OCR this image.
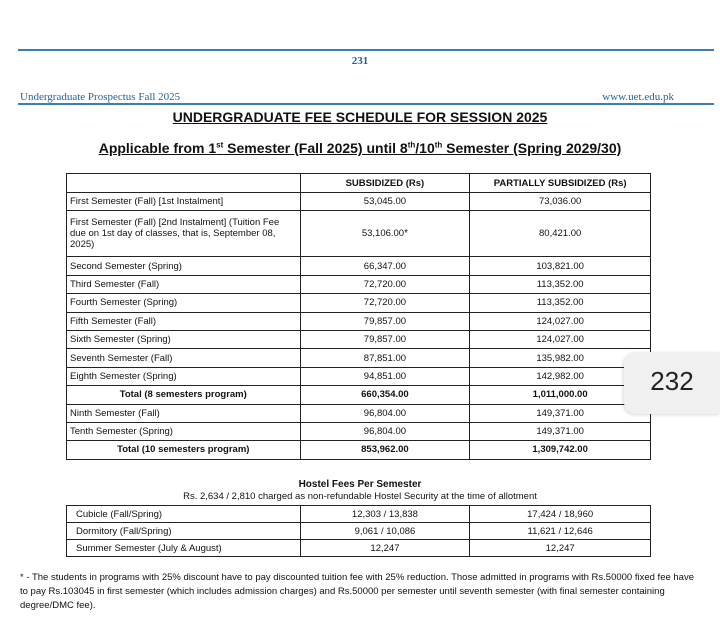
231
Undergraduate Prospectus Fall 2025	www.uet.edu.pk
UNDERGRADUATE FEE SCHEDULE FOR SESSION 2025
Applicable from 1st Semester (Fall 2025) until 8th/10th Semester (Spring 2029/30)
	SUBSIDIZED (Rs)	PARTIALLY SUBSIDIZED (Rs)
First Semester (Fall) [1st Instalment]	53,045.00	73,036.00
First Semester (Fall) [2nd Instalment] (Tuition Fee due on 1st day of classes, that is, September 08, 2025)	53,106.00*	80,421.00
Second Semester (Spring)	66,347.00	103,821.00
Third Semester (Fall)	72,720.00	113,352.00
Fourth Semester (Spring)	72,720.00	113,352.00
Fifth Semester (Fall)	79,857.00	124,027.00
Sixth Semester (Spring)	79,857.00	124,027.00
Seventh Semester (Fall)	87,851.00	135,982.00
Eighth Semester (Spring)	94,851.00	142,982.00
Total (8 semesters program)	660,354.00	1,011,000.00
Ninth Semester (Fall)	96,804.00	149,371.00
Tenth Semester (Spring)	96,804.00	149,371.00
Total (10 semesters program)	853,962.00	1,309,742.00
232
Hostel Fees Per Semester
Rs. 2,634 / 2,810 charged as non-refundable Hostel Security at the time of allotment
Cubicle (Fall/Spring)	12,303 / 13,838	17,424 / 18,960
Dormitory (Fall/Spring)	9,061 / 10,086	11,621 / 12,646
Summer Semester (July & August)	12,247	12,247
* - The students in programs with 25% discount have to pay discounted tuition fee with 25% reduction. Those admitted in programs with Rs.50000 fixed fee have to pay Rs.103045 in first semester (which includes admission charges) and Rs.50000 per semester until seventh semester (with final semester containing degree/DMC fee).
